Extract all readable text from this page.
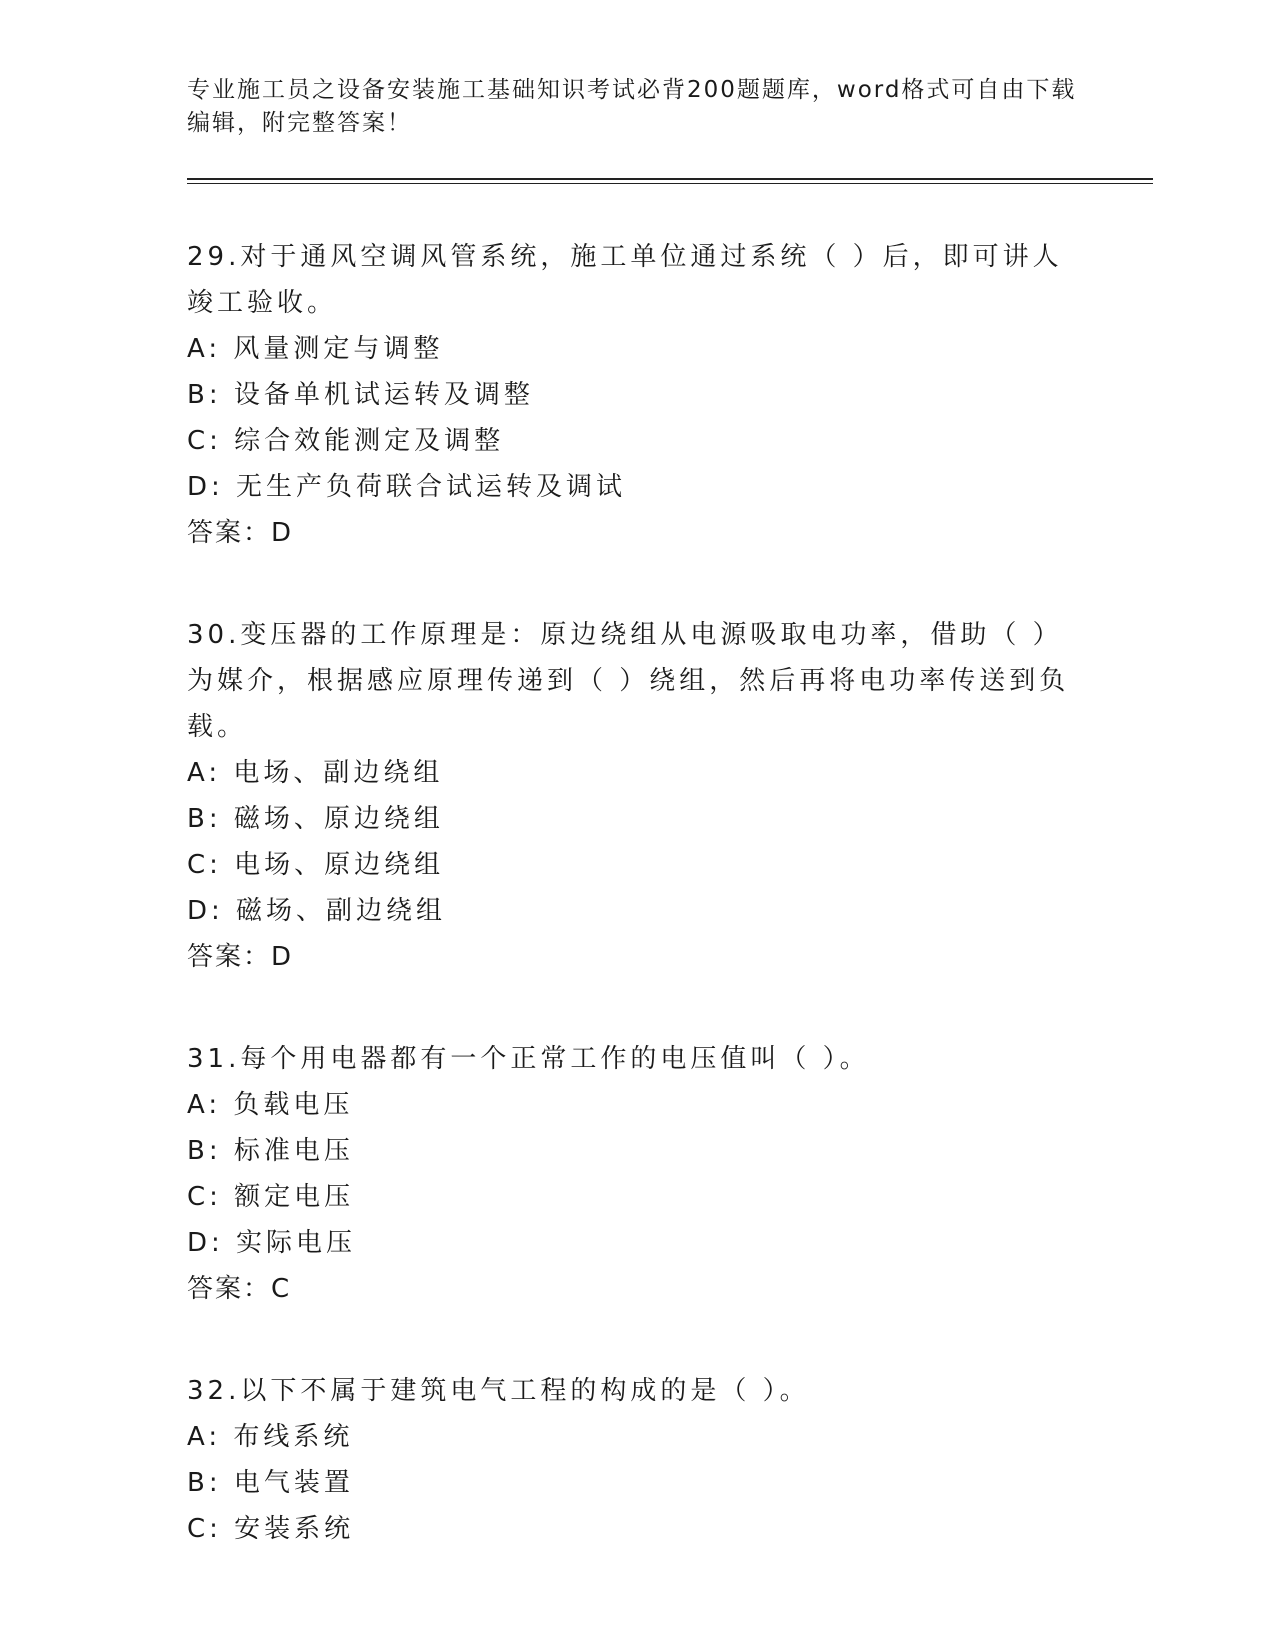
专业施工员之设备安装施工基础知识考试必背200题题库，word格式可自由下载
编辑，附完整答案！
29.对于通风空调风管系统，施工单位通过系统（ ）后，即可讲人竣工验收。
A: 风量测定与调整
B: 设备单机试运转及调整
C: 综合效能测定及调整
D: 无生产负荷联合试运转及调试
答案：D
30.变压器的工作原理是：原边绕组从电源吸取电功率，借助（ ）为媒介，根据感应原理传递到（ ）绕组，然后再将电功率传送到负载。
A: 电场、副边绕组
B: 磁场、原边绕组
C: 电场、原边绕组
D: 磁场、副边绕组
答案：D
31.每个用电器都有一个正常工作的电压值叫（ ）。
A: 负载电压
B: 标准电压
C: 额定电压
D: 实际电压
答案：C
32.以下不属于建筑电气工程的构成的是（ ）。
A: 布线系统
B: 电气装置
C: 安装系统
